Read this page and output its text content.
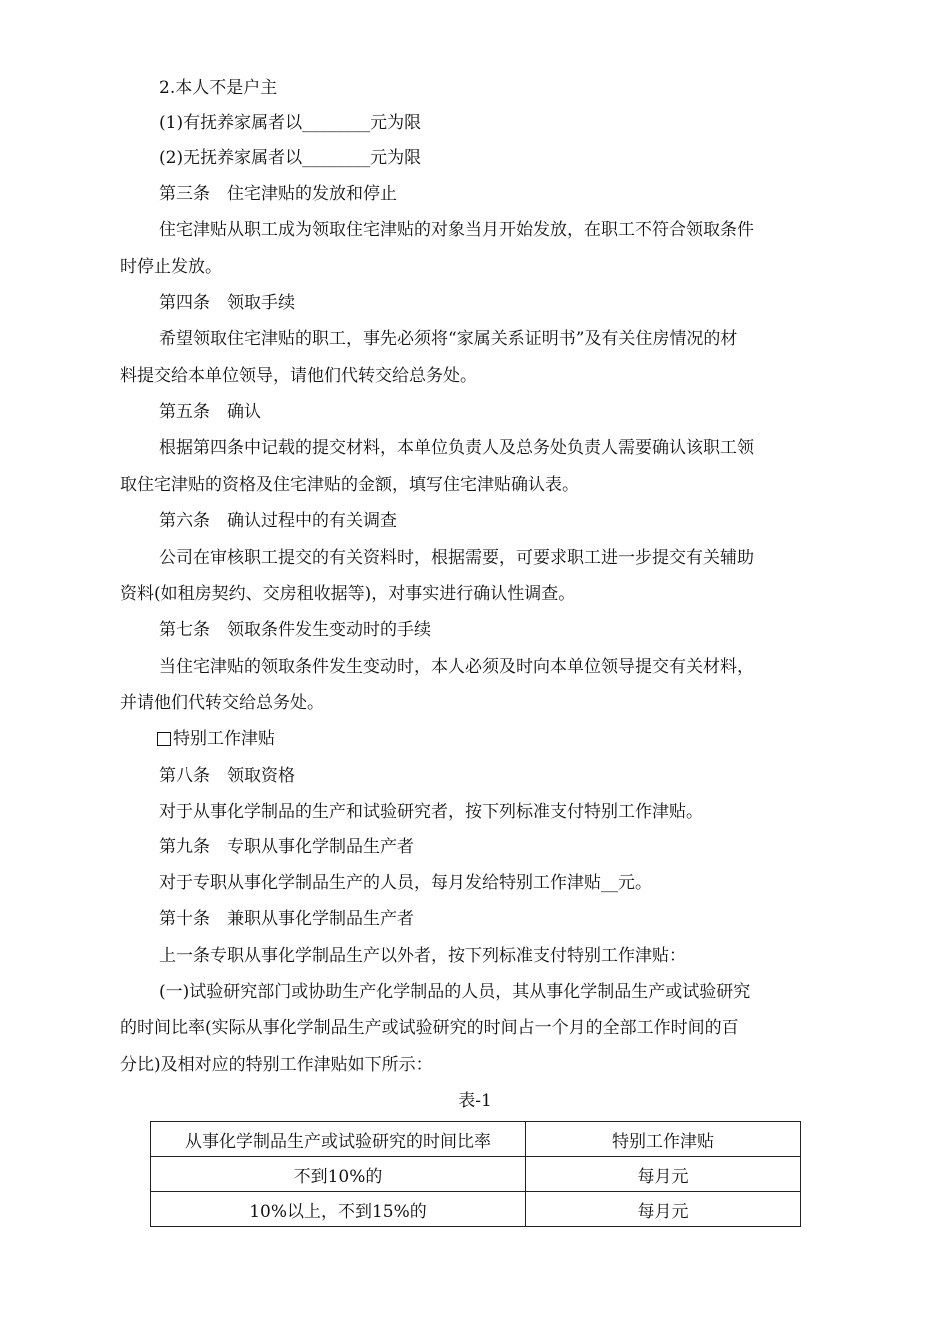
2.本人不是户主
(1)有抚养家属者以________元为限
(2)无抚养家属者以________元为限
第三条　住宅津贴的发放和停止
住宅津贴从职工成为领取住宅津贴的对象当月开始发放，在职工不符合领取条件
时停止发放。
第四条　领取手续
希望领取住宅津贴的职工，事先必须将“家属关系证明书”及有关住房情况的材
料提交给本单位领导，请他们代转交给总务处。
第五条　确认
根据第四条中记载的提交材料，本单位负责人及总务处负责人需要确认该职工领
取住宅津贴的资格及住宅津贴的金额，填写住宅津贴确认表。
第六条　确认过程中的有关调查
公司在审核职工提交的有关资料时，根据需要，可要求职工进一步提交有关辅助
资料(如租房契约、交房租收据等)，对事实进行确认性调查。
第七条　领取条件发生变动时的手续
当住宅津贴的领取条件发生变动时，本人必须及时向本单位领导提交有关材料，
并请他们代转交给总务处。
特别工作津贴
第八条　领取资格
对于从事化学制品的生产和试验研究者，按下列标准支付特别工作津贴。
第九条　专职从事化学制品生产者
对于专职从事化学制品生产的人员，每月发给特别工作津贴__元。
第十条　兼职从事化学制品生产者
上一条专职从事化学制品生产以外者，按下列标准支付特别工作津贴：
(一)试验研究部门或协助生产化学制品的人员，其从事化学制品生产或试验研究
的时间比率(实际从事化学制品生产或试验研究的时间占一个月的全部工作时间的百
分比)及相对应的特别工作津贴如下所示：
表-1
从事化学制品生产或试验研究的时间比率	特别工作津贴
不到10%的	每月元
10%以上，不到15%的	每月元
